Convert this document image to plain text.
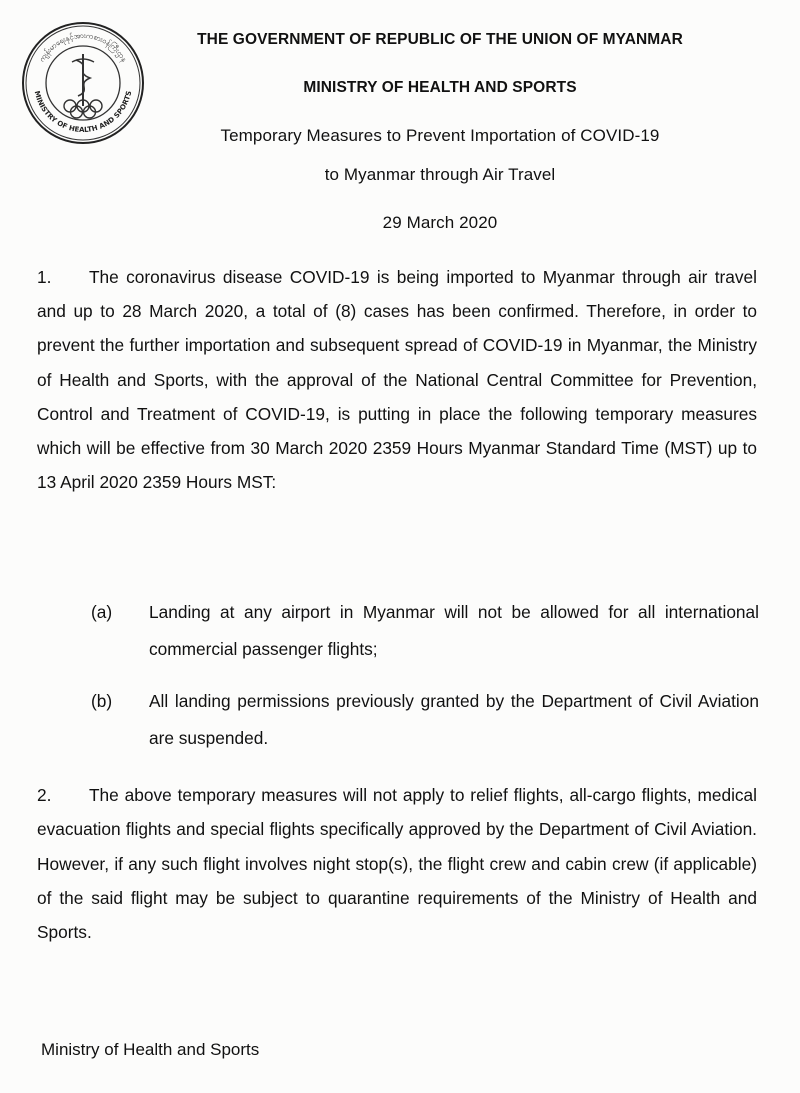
ကျန်းမာရေးနှင့်အားကစားဝန်ကြီးဌာန
MINISTRY OF HEALTH AND SPORTS
THE GOVERNMENT OF REPUBLIC OF THE UNION OF MYANMAR
MINISTRY OF HEALTH AND SPORTS
Temporary Measures to Prevent Importation of COVID-19
to Myanmar through Air Travel
29 March 2020

1. The coronavirus disease COVID-19 is being imported to Myanmar through air travel and up to 28 March 2020, a total of (8) cases has been confirmed. Therefore, in order to prevent the further importation and subsequent spread of COVID-19 in Myanmar, the Ministry of Health and Sports, with the approval of the National Central Committee for Prevention, Control and Treatment of COVID-19, is putting in place the following temporary measures which will be effective from 30 March 2020 2359 Hours Myanmar Standard Time (MST) up to 13 April 2020 2359 Hours MST:

(a)	Landing at any airport in Myanmar will not be allowed for all international commercial passenger flights;
(b)	All landing permissions previously granted by the Department of Civil Aviation are suspended.

2. The above temporary measures will not apply to relief flights, all-cargo flights, medical evacuation flights and special flights specifically approved by the Department of Civil Aviation. However, if any such flight involves night stop(s), the flight crew and cabin crew (if applicable) of the said flight may be subject to quarantine requirements of the Ministry of Health and Sports.

Ministry of Health and Sports
